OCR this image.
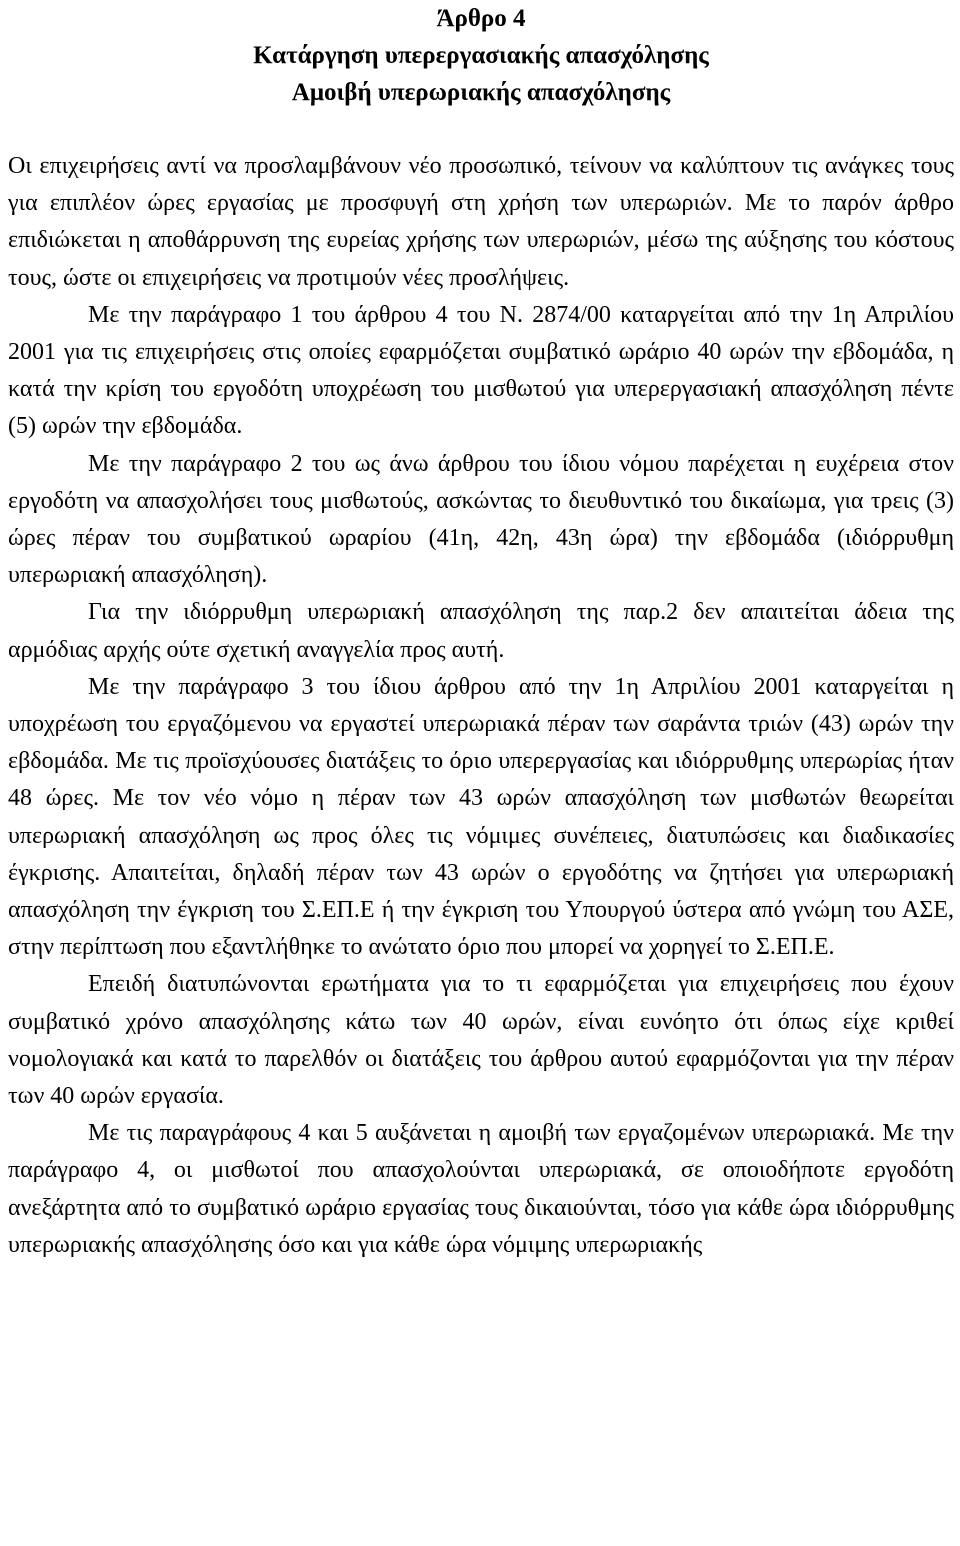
Άρθρο 4
Κατάργηση υπερεργασιακής απασχόλησης
Αμοιβή υπερωριακής απασχόλησης

Οι επιχειρήσεις αντί να προσλαμβάνουν νέο προσωπικό, τείνουν να καλύπτουν τις ανάγκες τους για επιπλέον ώρες εργασίας με προσφυγή στη χρήση των υπερωριών. Με το παρόν άρθρο επιδιώκεται η αποθάρρυνση της ευρείας χρήσης των υπερωριών, μέσω της αύξησης του κόστους τους, ώστε οι επιχειρήσεις να προτιμούν νέες προσλήψεις.

Με την παράγραφο 1 του άρθρου 4 του Ν. 2874/00 καταργείται από την 1η Απριλίου 2001 για τις επιχειρήσεις στις οποίες εφαρμόζεται συμβατικό ωράριο 40 ωρών την εβδομάδα, η κατά την κρίση του εργοδότη υποχρέωση του μισθωτού για υπερεργασιακή απασχόληση πέντε (5) ωρών την εβδομάδα.

Με την παράγραφο 2 του ως άνω άρθρου του ίδιου νόμου παρέχεται η ευχέρεια στον εργοδότη να απασχολήσει τους μισθωτούς, ασκώντας το διευθυντικό του δικαίωμα, για τρεις (3) ώρες πέραν του συμβατικού ωραρίου (41η, 42η, 43η ώρα) την εβδομάδα (ιδιόρρυθμη υπερωριακή απασχόληση).

Για την ιδιόρρυθμη υπερωριακή απασχόληση της παρ.2 δεν απαιτείται άδεια της αρμόδιας αρχής ούτε σχετική αναγγελία προς αυτή.

Με την παράγραφο 3 του ίδιου άρθρου από την 1η Απριλίου 2001 καταργείται η υποχρέωση του εργαζόμενου να εργαστεί υπερωριακά πέραν των σαράντα τριών (43) ωρών την εβδομάδα. Με τις προϊσχύουσες διατάξεις το όριο υπερεργασίας και ιδιόρρυθμης υπερωρίας ήταν 48 ώρες. Με τον νέο νόμο η πέραν των 43 ωρών απασχόληση των μισθωτών θεωρείται υπερωριακή απασχόληση ως προς όλες τις νόμιμες συνέπειες, διατυπώσεις και διαδικασίες έγκρισης. Απαιτείται, δηλαδή πέραν των 43 ωρών ο εργοδότης να ζητήσει για υπερωριακή απασχόληση την έγκριση του Σ.ΕΠ.Ε ή την έγκριση του Υπουργού ύστερα από γνώμη του ΑΣΕ, στην περίπτωση που εξαντλήθηκε το ανώτατο όριο που μπορεί να χορηγεί το Σ.ΕΠ.Ε.

Επειδή διατυπώνονται ερωτήματα για το τι εφαρμόζεται για επιχειρήσεις που έχουν συμβατικό χρόνο απασχόλησης κάτω των 40 ωρών, είναι ευνόητο ότι όπως είχε κριθεί νομολογιακά και κατά το παρελθόν οι διατάξεις του άρθρου αυτού εφαρμόζονται για την πέραν των 40 ωρών εργασία.

Με τις παραγράφους 4 και 5 αυξάνεται η αμοιβή των εργαζομένων υπερωριακά. Με την παράγραφο 4, οι μισθωτοί που απασχολούνται υπερωριακά, σε οποιοδήποτε εργοδότη ανεξάρτητα από το συμβατικό ωράριο εργασίας τους δικαιούνται, τόσο για κάθε ώρα ιδιόρρυθμης υπερωριακής απασχόλησης όσο και για κάθε ώρα νόμιμης υπερωριακής
